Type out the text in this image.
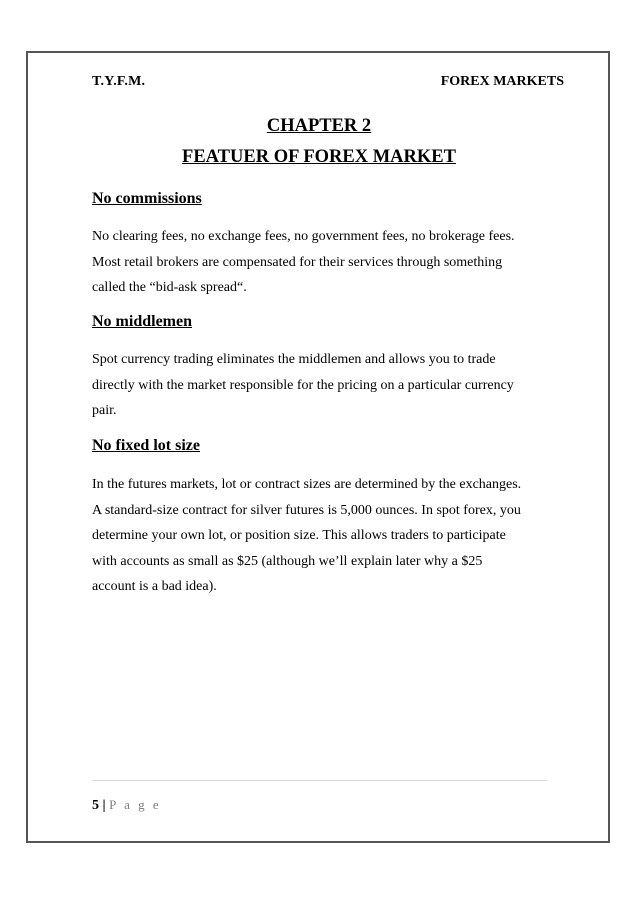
T.Y.F.M.	FOREX MARKETS
CHAPTER 2
FEATUER OF FOREX MARKET
No commissions
No clearing fees, no exchange fees, no government fees, no brokerage fees.
Most retail brokers are compensated for their services through something
called the “bid-ask spread“.
No middlemen
Spot currency trading eliminates the middlemen and allows you to trade
directly with the market responsible for the pricing on a particular currency
pair.
No fixed lot size
In the futures markets, lot or contract sizes are determined by the exchanges.
A standard-size contract for silver futures is 5,000 ounces. In spot forex, you
determine your own lot, or position size. This allows traders to participate
with accounts as small as $25 (although we’ll explain later why a $25
account is a bad idea).
5 | P a g e
